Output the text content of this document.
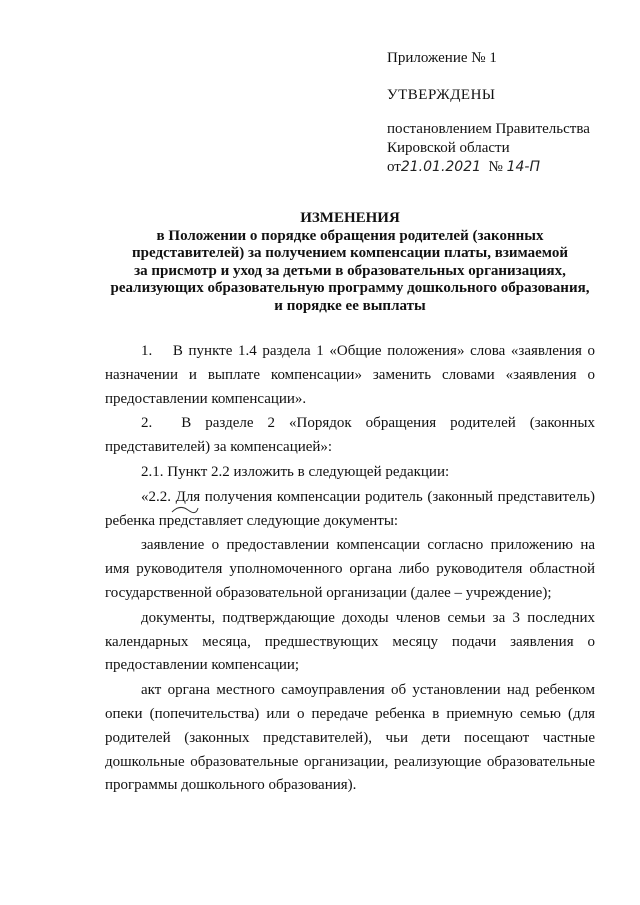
Приложение № 1
УТВЕРЖДЕНЫ
постановлением Правительства
Кировской области
от21.01.2021 № 14-П
ИЗМЕНЕНИЯ
в Положении о порядке обращения родителей (законных
представителей) за получением компенсации платы, взимаемой
за присмотр и уход за детьми в образовательных организациях,
реализующих образовательную программу дошкольного образования,
и порядке ее выплаты

1.  В пункте 1.4 раздела 1 «Общие положения» слова «заявления о назначении и выплате компенсации» заменить словами «заявления о предоставлении компенсации».

2.  В разделе 2 «Порядок обращения родителей (законных представителей) за компенсацией»:

2.1. Пункт 2.2 изложить в следующей редакции:

«2.2. Для получения компенсации родитель (законный представитель) ребенка представляет следующие документы:

заявление о предоставлении компенсации согласно приложению на имя руководителя уполномоченного органа либо руководителя областной государственной образовательной организации (далее – учреждение);

документы, подтверждающие доходы членов семьи за 3 последних календарных месяца, предшествующих месяцу подачи заявления о предоставлении компенсации;

акт органа местного самоуправления об установлении над ребенком опеки (попечительства) или о передаче ребенка в приемную семью (для родителей (законных представителей), чьи дети посещают частные дошкольные образовательные организации, реализующие образовательные программы дошкольного образования).
